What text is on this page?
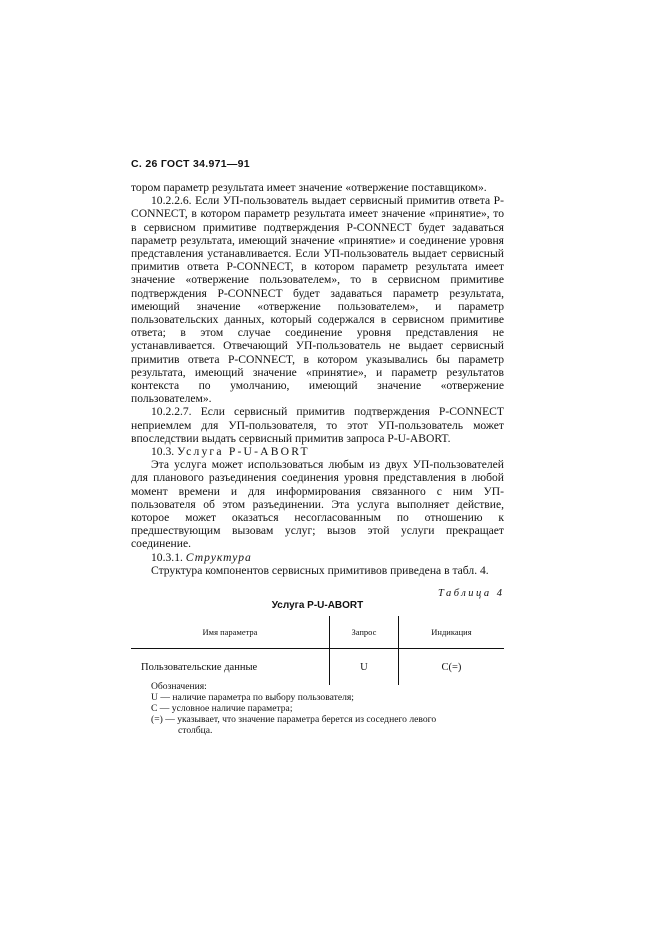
С. 26 ГОСТ 34.971—91

тором параметр результата имеет значение «отвержение поставщиком».

10.2.2.6. Если УП-пользователь выдает сервисный примитив ответа P-CONNECT, в котором параметр результата имеет значение «принятие», то в сервисном примитиве подтверждения P-CONNECT будет задаваться параметр результата, имеющий значение «принятие» и соединение уровня представления устанавливается. Если УП-пользователь выдает сервисный примитив ответа P-CONNECT, в котором параметр результата имеет значение «отвержение пользователем», то в сервисном примитиве подтверждения P-CONNECT будет задаваться параметр результата, имеющий значение «отвержение пользователем», и параметр пользовательских данных, который содержался в сервисном примитиве ответа; в этом случае соединение уровня представления не устанавливается. Отвечающий УП-пользователь не выдает сервисный примитив ответа P-CONNECT, в котором указывались бы параметр результата, имеющий значение «принятие», и параметр результатов контекста по умолчанию, имеющий значение «отвержение пользователем».

10.2.2.7. Если сервисный примитив подтверждения P-CONNECT неприемлем для УП-пользователя, то этот УП-пользователь может впоследствии выдать сервисный примитив запроса P-U-ABORT.

10.3. Услуга P-U-ABORT

Эта услуга может использоваться любым из двух УП-пользователей для планового разъединения соединения уровня представления в любой момент времени и для информирования связанного с ним УП-пользователя об этом разъединении. Эта услуга выполняет действие, которое может оказаться несогласованным по отношению к предшествующим вызовам услуг; вызов этой услуги прекращает соединение.

10.3.1. Структура

Структура компонентов сервисных примитивов приведена в табл. 4.

Таблица 4
Услуга P-U-ABORT
Имя параметра	Запрос	Индикация
Пользовательские данные	U	C(=)
Обозначения:
U — наличие параметра по выбору пользователя;
C — условное наличие параметра;
(=) — указывает, что значение параметра берется из соседнего левого
столбца.
